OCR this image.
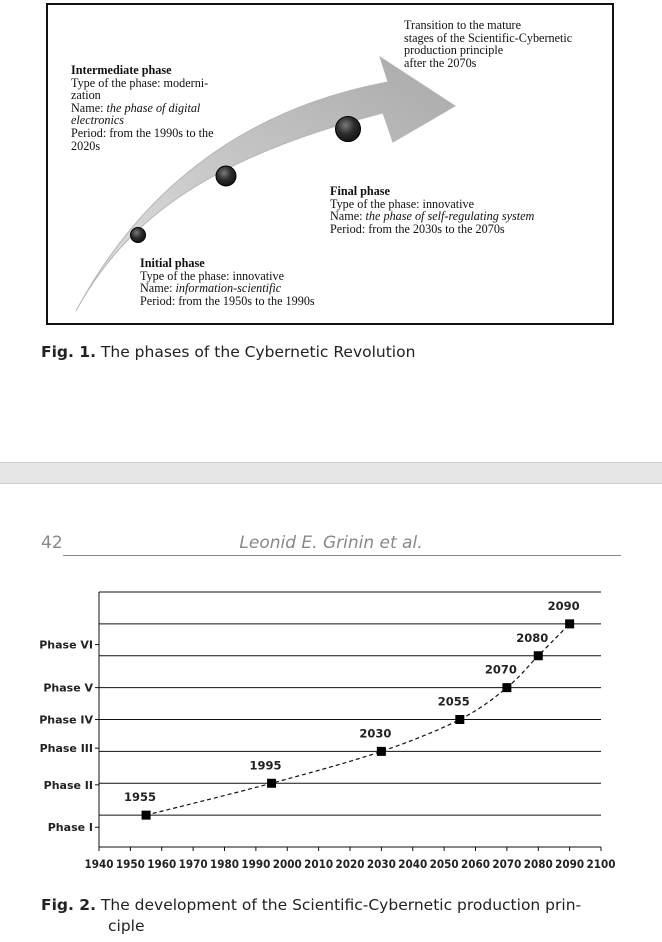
Intermediate phase
Type of the phase: moderni-
zation
Name: the phase of digital
electronics
Period: from the 1990s to the
2020s
Transition to the mature
stages of the Scientific-Cybernetic
production principle
after the 2070s
Final phase
Type of the phase: innovative
Name: the phase of self-regulating system
Period: from the 2030s to the 2070s
Initial phase
Type of the phase: innovative
Name: information-scientific
Period: from the 1950s to the 1990s
Fig. 1. The phases of the Cybernetic Revolution
42	Leonid E. Grinin et al.
Phase I
Phase II
Phase III
Phase IV
Phase V
Phase VI
1940 1950 1960 1970 1980 1990 2000 2010 2020 2030 2040 2050 2060 2070 2080 2090 2100
1955
1995
2030
2055
2070
2080
2090
Fig. 2. The development of the Scientific-Cybernetic production prin-
ciple
